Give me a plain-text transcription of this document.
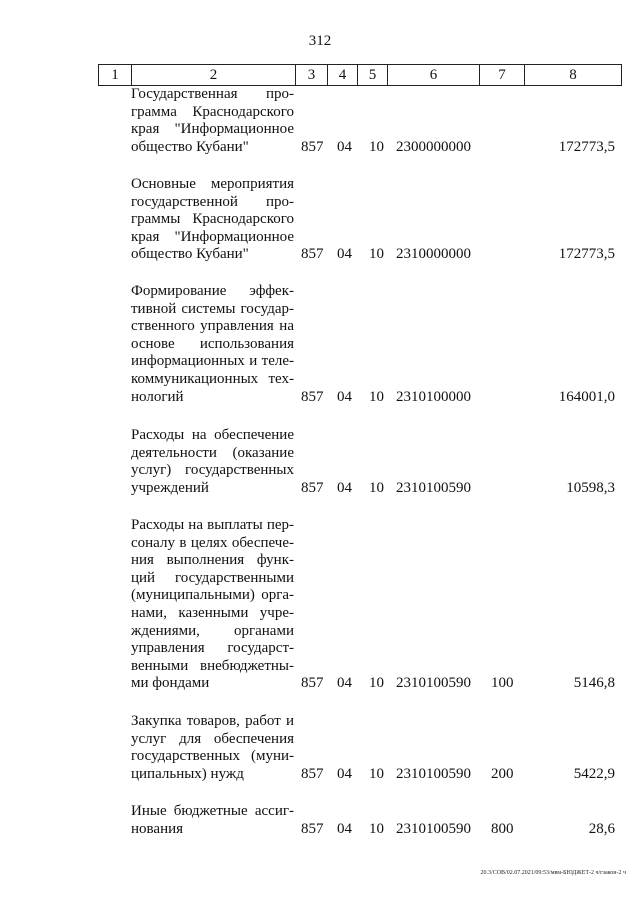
312
1	2	3	4	5	6	7	8
Государственная про-
грамма Краснодарского
края "Информационное
общество Кубани"	857 04 10 2300000000	172773,5
Основные мероприятия
государственной про-
граммы Краснодарского
края "Информационное
общество Кубани"	857 04 10 2310000000	172773,5
Формирование эффек-
тивной системы государ-
ственного управления на
основе использования
информационных и теле-
коммуникационных тех-
нологий	857 04 10 2310100000	164001,0
Расходы на обеспечение
деятельности (оказание
услуг) государственных
учреждений	857 04 10 2310100590	10598,3
Расходы на выплаты пер-
соналу в целях обеспече-
ния выполнения функ-
ций государственными
(муниципальными) орга-
нами, казенными учре-
ждениями, органами
управления государст-
венными внебюджетны-
ми фондами	857 04 10 2310100590 100	5146,8
Закупка товаров, работ и
услуг для обеспечения
государственных (муни-
ципальных) нужд	857 04 10 2310100590 200	5422,9
Иные бюджетные ассиг-
нования	857 04 10 2310100590 800	28,6
20.3/СОВ/02.07.2021/09:53/мвм-БЮДЖЕТ-2 ч/гзакон-2 ч
